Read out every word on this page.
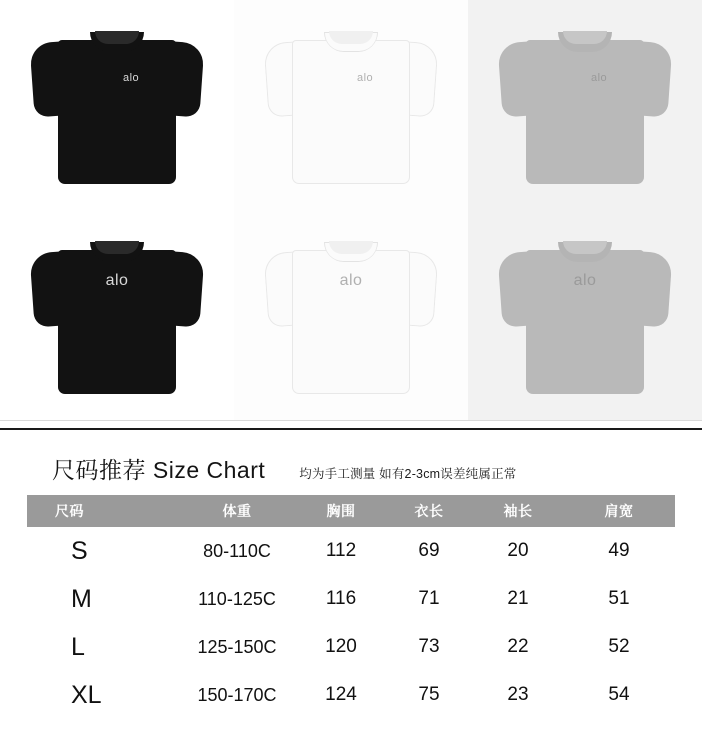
alo	alo	alo
alo	alo	alo
尺码推荐 Size Chart	均为手工测量 如有2-3cm误差纯属正常
尺码	体重	胸围	衣长	袖长	肩宽
S	80-110C	112	69	20	49
M	110-125C	116	71	21	51
L	125-150C	120	73	22	52
XL	150-170C	124	75	23	54
